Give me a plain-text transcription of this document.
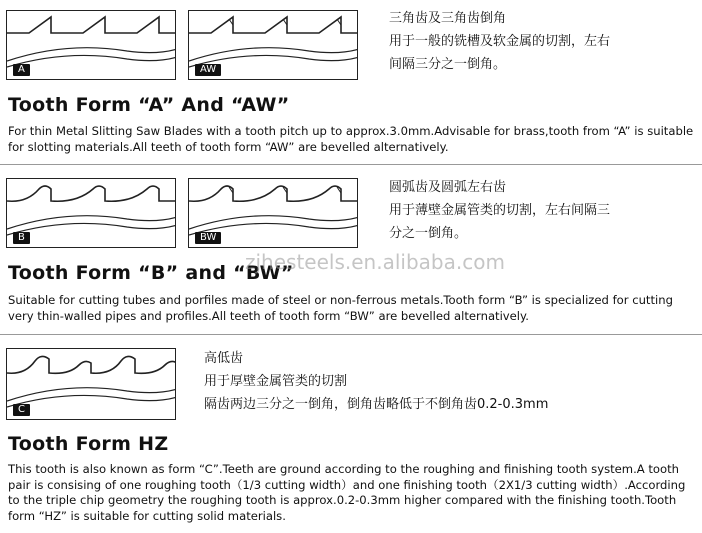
A	AW
三角齿及三角齿倒角
用于一般的铣槽及软金属的切割，左右
间隔三分之一倒角。
Tooth Form “A” And “AW”
For thin Metal Slitting Saw Blades with a tooth pitch up to approx.3.0mm.Advisable for brass,tooth from “A” is suitable for slotting materials.All teeth of tooth form “AW” are bevelled alternatively.
B	BW
圆弧齿及圆弧左右齿
用于薄壁金属管类的切割，左右间隔三
分之一倒角。
Tooth Form “B” and “BW”
Suitable for cutting tubes and porfiles made of steel or non-ferrous metals.Tooth form “B” is specialized for cutting very thin-walled pipes and profiles.All teeth of tooth form “BW” are bevelled alternatively.
C
高低齿
用于厚壁金属管类的切割
隔齿两边三分之一倒角，倒角齿略低于不倒角齿0.2-0.3mm
Tooth Form HZ
This tooth is also known as form “C”.Teeth are ground according to the roughing and finishing tooth system.A tooth pair is consising of one roughing tooth（1/3 cutting width）and one finishing tooth（2X1/3 cutting width）.According to the triple chip geometry the roughing tooth is approx.0.2-0.3mm higher compared with the finishing tooth.Tooth form “HZ” is suitable for cutting solid materials.
zjhesteels.en.alibaba.com
